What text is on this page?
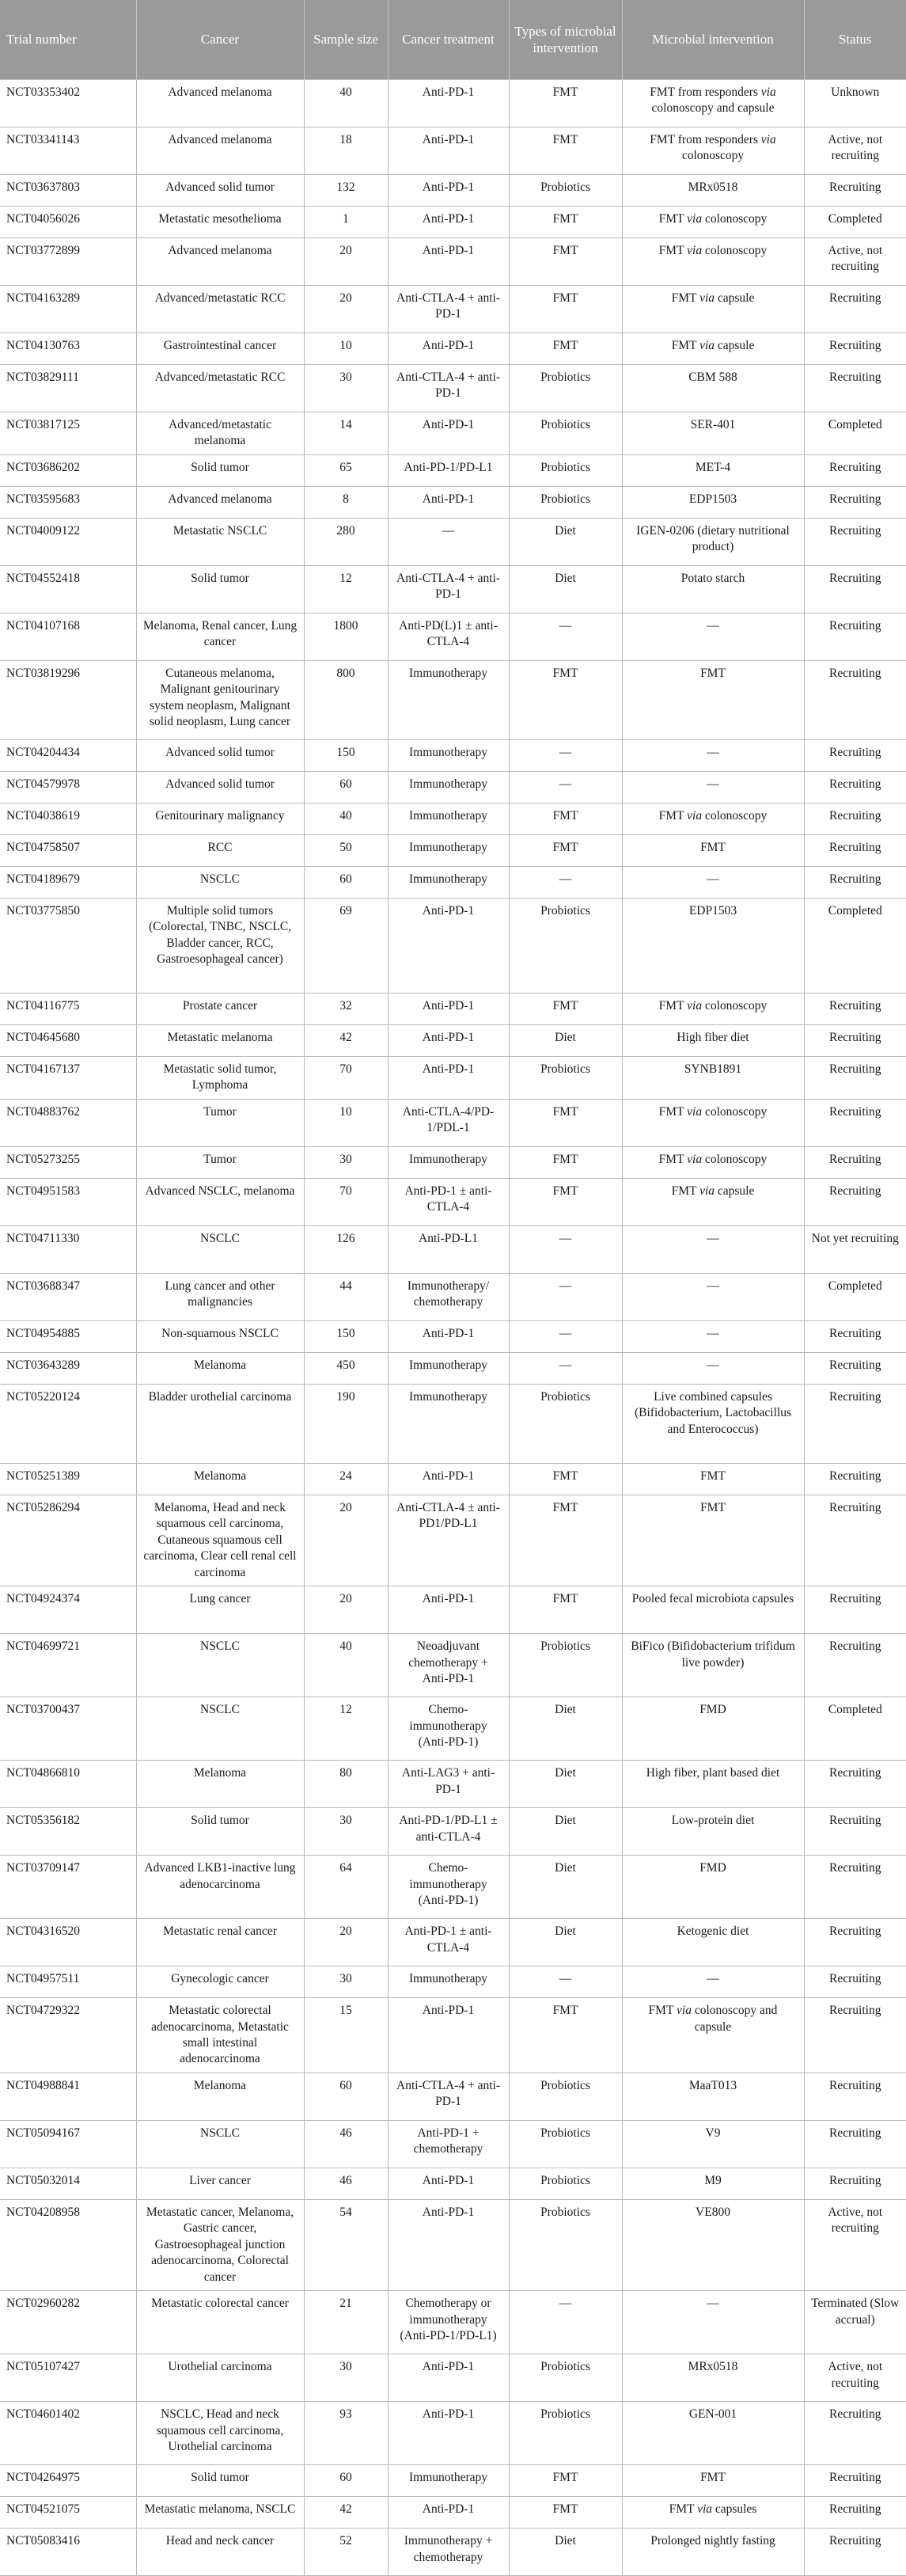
Trial number	Cancer	Sample size	Cancer treatment	Types of microbial intervention	Microbial intervention	Status
NCT03353402	Advanced melanoma	40	Anti-PD-1	FMT	FMT from responders via colonoscopy and capsule	Unknown
NCT03341143	Advanced melanoma	18	Anti-PD-1	FMT	FMT from responders via colonoscopy	Active, not recruiting
NCT03637803	Advanced solid tumor	132	Anti-PD-1	Probiotics	MRx0518	Recruiting
NCT04056026	Metastatic mesothelioma	1	Anti-PD-1	FMT	FMT via colonoscopy	Completed
NCT03772899	Advanced melanoma	20	Anti-PD-1	FMT	FMT via colonoscopy	Active, not recruiting
NCT04163289	Advanced/metastatic RCC	20	Anti-CTLA-4 + anti-PD-1	FMT	FMT via capsule	Recruiting
NCT04130763	Gastrointestinal cancer	10	Anti-PD-1	FMT	FMT via capsule	Recruiting
NCT03829111	Advanced/metastatic RCC	30	Anti-CTLA-4 + anti-PD-1	Probiotics	CBM 588	Recruiting
NCT03817125	Advanced/metastatic melanoma	14	Anti-PD-1	Probiotics	SER-401	Completed
NCT03686202	Solid tumor	65	Anti-PD-1/PD-L1	Probiotics	MET-4	Recruiting
NCT03595683	Advanced melanoma	8	Anti-PD-1	Probiotics	EDP1503	Recruiting
NCT04009122	Metastatic NSCLC	280	—	Diet	IGEN-0206 (dietary nutritional product)	Recruiting
NCT04552418	Solid tumor	12	Anti-CTLA-4 + anti-PD-1	Diet	Potato starch	Recruiting
NCT04107168	Melanoma, Renal cancer, Lung cancer	1800	Anti-PD(L)1 ± anti-CTLA-4	—	—	Recruiting
NCT03819296	Cutaneous melanoma, Malignant genitourinary system neoplasm, Malignant solid neoplasm, Lung cancer	800	Immunotherapy	FMT	FMT	Recruiting
NCT04204434	Advanced solid tumor	150	Immunotherapy	—	—	Recruiting
NCT04579978	Advanced solid tumor	60	Immunotherapy	—	—	Recruiting
NCT04038619	Genitourinary malignancy	40	Immunotherapy	FMT	FMT via colonoscopy	Recruiting
NCT04758507	RCC	50	Immunotherapy	FMT	FMT	Recruiting
NCT04189679	NSCLC	60	Immunotherapy	—	—	Recruiting
NCT03775850	Multiple solid tumors (Colorectal, TNBC, NSCLC, Bladder cancer, RCC, Gastroesophageal cancer)	69	Anti-PD-1	Probiotics	EDP1503	Completed
NCT04116775	Prostate cancer	32	Anti-PD-1	FMT	FMT via colonoscopy	Recruiting
NCT04645680	Metastatic melanoma	42	Anti-PD-1	Diet	High fiber diet	Recruiting
NCT04167137	Metastatic solid tumor, Lymphoma	70	Anti-PD-1	Probiotics	SYNB1891	Recruiting
NCT04883762	Tumor	10	Anti-CTLA-4/PD-1/PDL-1	FMT	FMT via colonoscopy	Recruiting
NCT05273255	Tumor	30	Immunotherapy	FMT	FMT via colonoscopy	Recruiting
NCT04951583	Advanced NSCLC, melanoma	70	Anti-PD-1 ± anti-CTLA-4	FMT	FMT via capsule	Recruiting
NCT04711330	NSCLC	126	Anti-PD-L1	—	—	Not yet recruiting
NCT03688347	Lung cancer and other malignancies	44	Immunotherapy/ chemotherapy	—	—	Completed
NCT04954885	Non-squamous NSCLC	150	Anti-PD-1	—	—	Recruiting
NCT03643289	Melanoma	450	Immunotherapy	—	—	Recruiting
NCT05220124	Bladder urothelial carcinoma	190	Immunotherapy	Probiotics	Live combined capsules (Bifidobacterium, Lactobacillus and Enterococcus)	Recruiting
NCT05251389	Melanoma	24	Anti-PD-1	FMT	FMT	Recruiting
NCT05286294	Melanoma, Head and neck squamous cell carcinoma, Cutaneous squamous cell carcinoma, Clear cell renal cell carcinoma	20	Anti-CTLA-4 ± anti-PD1/PD-L1	FMT	FMT	Recruiting
NCT04924374	Lung cancer	20	Anti-PD-1	FMT	Pooled fecal microbiota capsules	Recruiting
NCT04699721	NSCLC	40	Neoadjuvant chemotherapy + Anti-PD-1	Probiotics	BiFico (Bifidobacterium trifidum live powder)	Recruiting
NCT03700437	NSCLC	12	Chemo-immunotherapy (Anti-PD-1)	Diet	FMD	Completed
NCT04866810	Melanoma	80	Anti-LAG3 + anti-PD-1	Diet	High fiber, plant based diet	Recruiting
NCT05356182	Solid tumor	30	Anti-PD-1/PD-L1 ± anti-CTLA-4	Diet	Low-protein diet	Recruiting
NCT03709147	Advanced LKB1-inactive lung adenocarcinoma	64	Chemo-immunotherapy (Anti-PD-1)	Diet	FMD	Recruiting
NCT04316520	Metastatic renal cancer	20	Anti-PD-1 ± anti-CTLA-4	Diet	Ketogenic diet	Recruiting
NCT04957511	Gynecologic cancer	30	Immunotherapy	—	—	Recruiting
NCT04729322	Metastatic colorectal adenocarcinoma, Metastatic small intestinal adenocarcinoma	15	Anti-PD-1	FMT	FMT via colonoscopy and capsule	Recruiting
NCT04988841	Melanoma	60	Anti-CTLA-4 + anti-PD-1	Probiotics	MaaT013	Recruiting
NCT05094167	NSCLC	46	Anti-PD-1 + chemotherapy	Probiotics	V9	Recruiting
NCT05032014	Liver cancer	46	Anti-PD-1	Probiotics	M9	Recruiting
NCT04208958	Metastatic cancer, Melanoma, Gastric cancer, Gastroesophageal junction adenocarcinoma, Colorectal cancer	54	Anti-PD-1	Probiotics	VE800	Active, not recruiting
NCT02960282	Metastatic colorectal cancer	21	Chemotherapy or immunotherapy (Anti-PD-1/PD-L1)	—	—	Terminated (Slow accrual)
NCT05107427	Urothelial carcinoma	30	Anti-PD-1	Probiotics	MRx0518	Active, not recruiting
NCT04601402	NSCLC, Head and neck squamous cell carcinoma, Urothelial carcinoma	93	Anti-PD-1	Probiotics	GEN-001	Recruiting
NCT04264975	Solid tumor	60	Immunotherapy	FMT	FMT	Recruiting
NCT04521075	Metastatic melanoma, NSCLC	42	Anti-PD-1	FMT	FMT via capsules	Recruiting
NCT05083416	Head and neck cancer	52	Immunotherapy + chemotherapy	Diet	Prolonged nightly fasting	Recruiting
